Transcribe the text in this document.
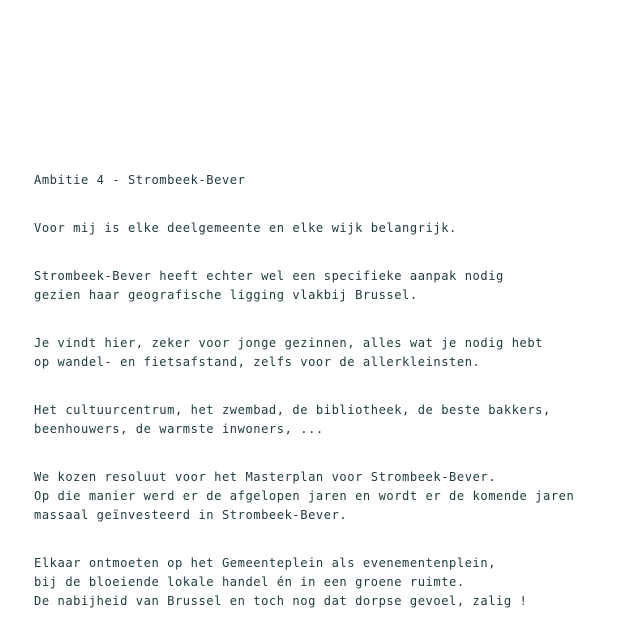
Ambitie 4 - Strombeek-Bever

Voor mij is elke deelgemeente en elke wijk belangrijk.

Strombeek-Bever heeft echter wel een specifieke aanpak nodig
gezien haar geografische ligging vlakbij Brussel.

Je vindt hier, zeker voor jonge gezinnen, alles wat je nodig hebt
op wandel- en fietsafstand, zelfs voor de allerkleinsten.

Het cultuurcentrum, het zwembad, de bibliotheek, de beste bakkers,
beenhouwers, de warmste inwoners, ...

We kozen resoluut voor het Masterplan voor Strombeek-Bever.
Op die manier werd er de afgelopen jaren en wordt er de komende jaren
massaal geïnvesteerd in Strombeek-Bever.

Elkaar ontmoeten op het Gemeenteplein als evenementenplein,
bij de bloeiende lokale handel én in een groene ruimte.
De nabijheid van Brussel en toch nog dat dorpse gevoel, zalig !
